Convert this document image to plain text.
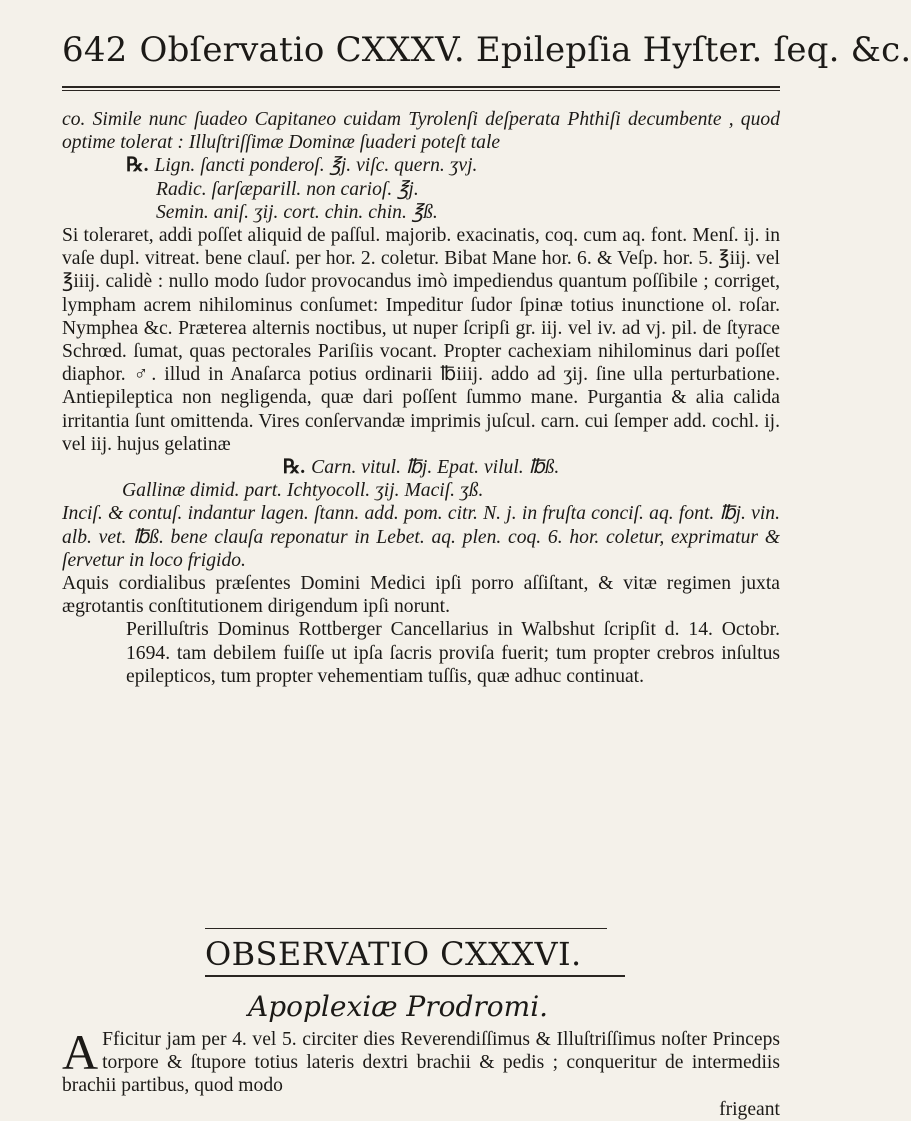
642 Obſervatio CXXXV. Epilepſia Hyſter. ſeq. &c.

co. Simile nunc ſuadeo Capitaneo cuidam Tyrolenſi deſperata Phthiſi decumbente , quod optime tolerat : Illuſtriſſimæ Dominæ ſuaderi poteſt tale

℞. Lign. ſancti ponderoſ. ℥j. viſc. quern. ʒvj.

Radic. ſarſæparill. non carioſ. ℥j.

Semin. aniſ. ʒij. cort. chin. chin. ℥ß.

Si toleraret, addi poſſet aliquid de paſſul. majorib. exacinatis, coq. cum aq. font. Menſ. ij. in vaſe dupl. vitreat. bene clauſ. per hor. 2. coletur. Bibat Mane hor. 6. & Veſp. hor. 5. ℥iij. vel ℥iiij. calidè : nullo modo ſudor provocandus imò impediendus quantum poſſibile ; corriget, lympham acrem nihilominus conſumet: Impeditur ſudor ſpinæ totius inunctione ol. roſar. Nymphea &c. Præterea alternis noctibus, ut nuper ſcripſi gr. iij. vel iv. ad vj. pil. de ſtyrace Schrœd. ſumat, quas pectorales Pariſiis vocant. Propter cachexiam nihilominus dari poſſet diaphor. ♂. illud in Anaſarca potius ordinarii ℔iiij. addo ad ʒij. ſine ulla perturbatione. Antiepileptica non negligenda, quæ dari poſſent ſummo mane. Purgantia & alia calida irritantia ſunt omittenda. Vires conſervandæ imprimis juſcul. carn. cui ſemper add. cochl. ij. vel iij. hujus gelatinæ

℞. Carn. vitul. ℔j. Epat. vilul. ℔ß.

Gallinæ dimid. part. Ichtyocoll. ʒij. Maciſ. ʒß.

Inciſ. & contuſ. indantur lagen. ſtann. add. pom. citr. N. j. in fruſta conciſ. aq. font. ℔j. vin. alb. vet. ℔ß. bene clauſa reponatur in Lebet. aq. plen. coq. 6. hor. coletur, exprimatur & ſervetur in loco frigido.

Aquis cordialibus præſentes Domini Medici ipſi porro aſſiſtant, & vitæ regimen juxta ægrotantis conſtitutionem dirigendum ipſi norunt.

Perilluſtris Dominus Rottberger Cancellarius in Walbshut ſcripſit d. 14. Octobr. 1694. tam debilem fuiſſe ut ipſa ſacris proviſa fuerit; tum propter crebros inſultus epilepticos, tum propter vehementiam tuſſis, quæ adhuc continuat.

OBSERVATIO CXXXVI.
Apoplexiæ Prodromi.
A Fficitur jam per 4. vel 5. circiter dies Reverendiſſimus & Illuſtriſſimus noſter Princeps torpore & ſtupore totius lateris dextri brachii & pedis ; conqueritur de intermediis brachii partibus, quod modo
frigeant
